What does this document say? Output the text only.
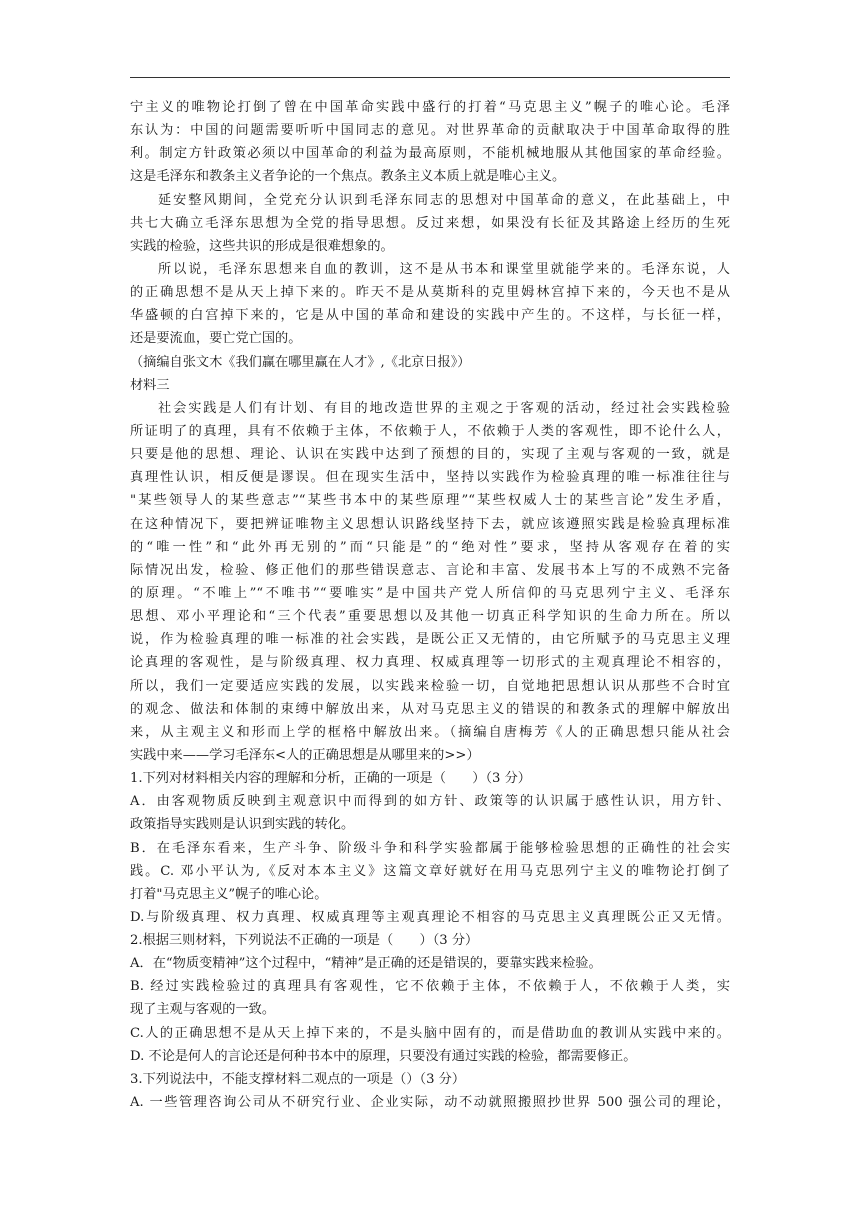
宁主义的唯物论打倒了曾在中国革命实践中盛行的打着“马克思主义”幌子的唯心论。毛泽
东认为：中国的问题需要听听中国同志的意见。对世界革命的贡献取决于中国革命取得的胜
利。制定方针政策必须以中国革命的利益为最高原则，不能机械地服从其他国家的革命经验。
这是毛泽东和教条主义者争论的一个焦点。教条主义本质上就是唯心主义。
延安整风期间，全党充分认识到毛泽东同志的思想对中国革命的意义，在此基础上，中
共七大确立毛泽东思想为全党的指导思想。反过来想，如果没有长征及其路途上经历的生死
实践的检验，这些共识的形成是很难想象的。
所以说，毛泽东思想来自血的教训，这不是从书本和课堂里就能学来的。毛泽东说，人
的正确思想不是从天上掉下来的。昨天不是从莫斯科的克里姆林宫掉下来的，今天也不是从
华盛顿的白宫掉下来的，它是从中国的革命和建设的实践中产生的。不这样，与长征一样，
还是要流血，要亡党亡国的。
（摘编自张文木《我们赢在哪里赢在人才》,《北京日报》）
材料三
社会实践是人们有计划、有目的地改造世界的主观之于客观的活动，经过社会实践检验
所证明了的真理，具有不依赖于主体，不依赖于人，不依赖于人类的客观性，即不论什么人，
只要是他的思想、理论、认识在实践中达到了预想的目的，实现了主观与客观的一致，就是
真理性认识，相反便是谬误。但在现实生活中，坚持以实践作为检验真理的唯一标准往往与
"某些领导人的某些意志”“某些书本中的某些原理”“某些权威人士的某些言论”发生矛盾，
在这种情况下，要把辨证唯物主义思想认识路线坚持下去，就应该遵照实践是检验真理标准
的“唯一性”和“此外再无别的”而“只能是”的“绝对性”要求，坚持从客观存在着的实
际情况出发，检验、修正他们的那些错误意志、言论和丰富、发展书本上写的不成熟不完备
的原理。“不唯上”“不唯书”“要唯实”是中国共产党人所信仰的马克思列宁主义、毛泽东
思想、邓小平理论和“三个代表”重要思想以及其他一切真正科学知识的生命力所在。所以
说，作为检验真理的唯一标准的社会实践，是既公正又无情的，由它所赋予的马克思主义理
论真理的客观性，是与阶级真理、权力真理、权威真理等一切形式的主观真理论不相容的，
所以，我们一定要适应实践的发展，以实践来检验一切，自觉地把思想认识从那些不合时宜
的观念、做法和体制的束缚中解放出来，从对马克思主义的错误的和教条式的理解中解放出
来，从主观主义和形而上学的框格中解放出来。（摘编自唐梅芳《人的正确思想只能从社会
实践中来——学习毛泽东<人的正确思想是从哪里来的>>）
1.下列对材料相关内容的理解和分析，正确的一项是（　　）（3 分）
A．由客观物质反映到主观意识中而得到的如方针、政策等的认识属于感性认识，用方针、
政策指导实践则是认识到实践的转化。
B．在毛泽东看来，生产斗争、阶级斗争和科学实验都属于能够检验思想的正确性的社会实
践。C. 邓小平认为,《反对本本主义》这篇文章好就好在用马克思列宁主义的唯物论打倒了
打着"马克思主义”幌子的唯心论。
D.与阶级真理、权力真理、权威真理等主观真理论不相容的马克思主义真理既公正又无情。
2.根据三则材料，下列说法不正确的一项是（　　）（3 分）
A．在“物质变精神”这个过程中，“精神”是正确的还是错误的，要靠实践来检验。
B. 经过实践检验过的真理具有客观性，它不依赖于主体，不依赖于人，不依赖于人类，实
现了主观与客观的一致。
C.人的正确思想不是从天上掉下来的，不是头脑中固有的，而是借助血的教训从实践中来的。
D. 不论是何人的言论还是何种书本中的原理，只要没有通过实践的检验，都需要修正。
3.下列说法中，不能支撑材料二观点的一项是（）（3 分）
A. 一些管理咨询公司从不研究行业、企业实际，动不动就照搬照抄世界 500 强公司的理论，
